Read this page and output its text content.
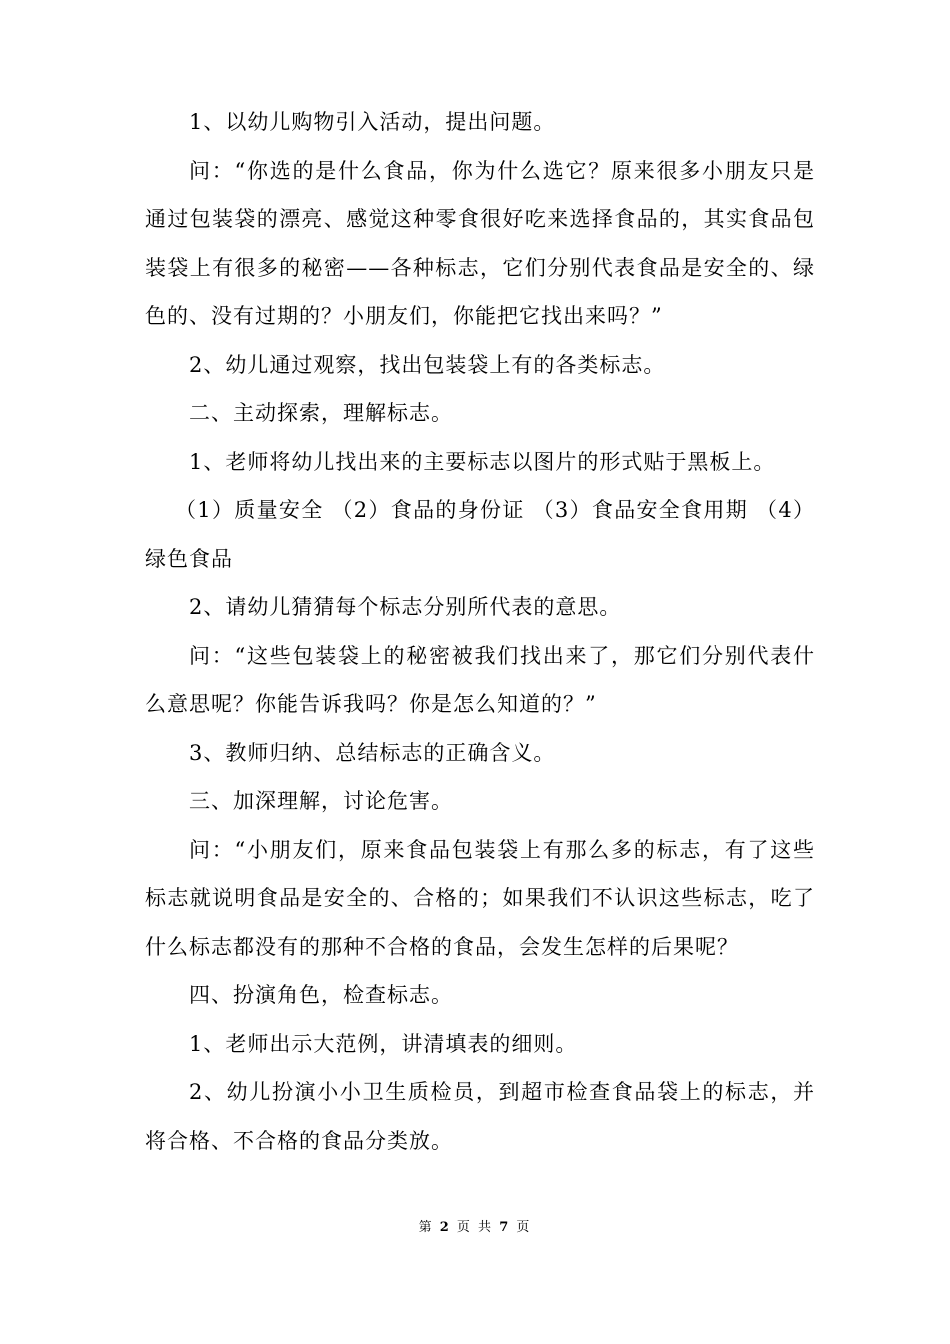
1、以幼儿购物引入活动，提出问题。

问：“你选的是什么食品，你为什么选它？原来很多小朋友只是通过包装袋的漂亮、感觉这种零食很好吃来选择食品的，其实食品包装袋上有很多的秘密——各种标志，它们分别代表食品是安全的、绿色的、没有过期的？小朋友们，你能把它找出来吗？”

2、幼儿通过观察，找出包装袋上有的各类标志。

二、主动探索，理解标志。

1、老师将幼儿找出来的主要标志以图片的形式贴于黑板上。

（1）质量安全 （2）食品的身份证 （3）食品安全食用期 （4）绿色食品

2、请幼儿猜猜每个标志分别所代表的意思。

问：“这些包装袋上的秘密被我们找出来了，那它们分别代表什么意思呢？你能告诉我吗？你是怎么知道的？”

3、教师归纳、总结标志的正确含义。

三、加深理解，讨论危害。

问：“小朋友们，原来食品包装袋上有那么多的标志，有了这些标志就说明食品是安全的、合格的；如果我们不认识这些标志，吃了什么标志都没有的那种不合格的食品，会发生怎样的后果呢？

四、扮演角色，检查标志。

1、老师出示大范例，讲清填表的细则。

2、幼儿扮演小小卫生质检员，到超市检查食品袋上的标志，并将合格、不合格的食品分类放。

第 2 页 共 7 页
